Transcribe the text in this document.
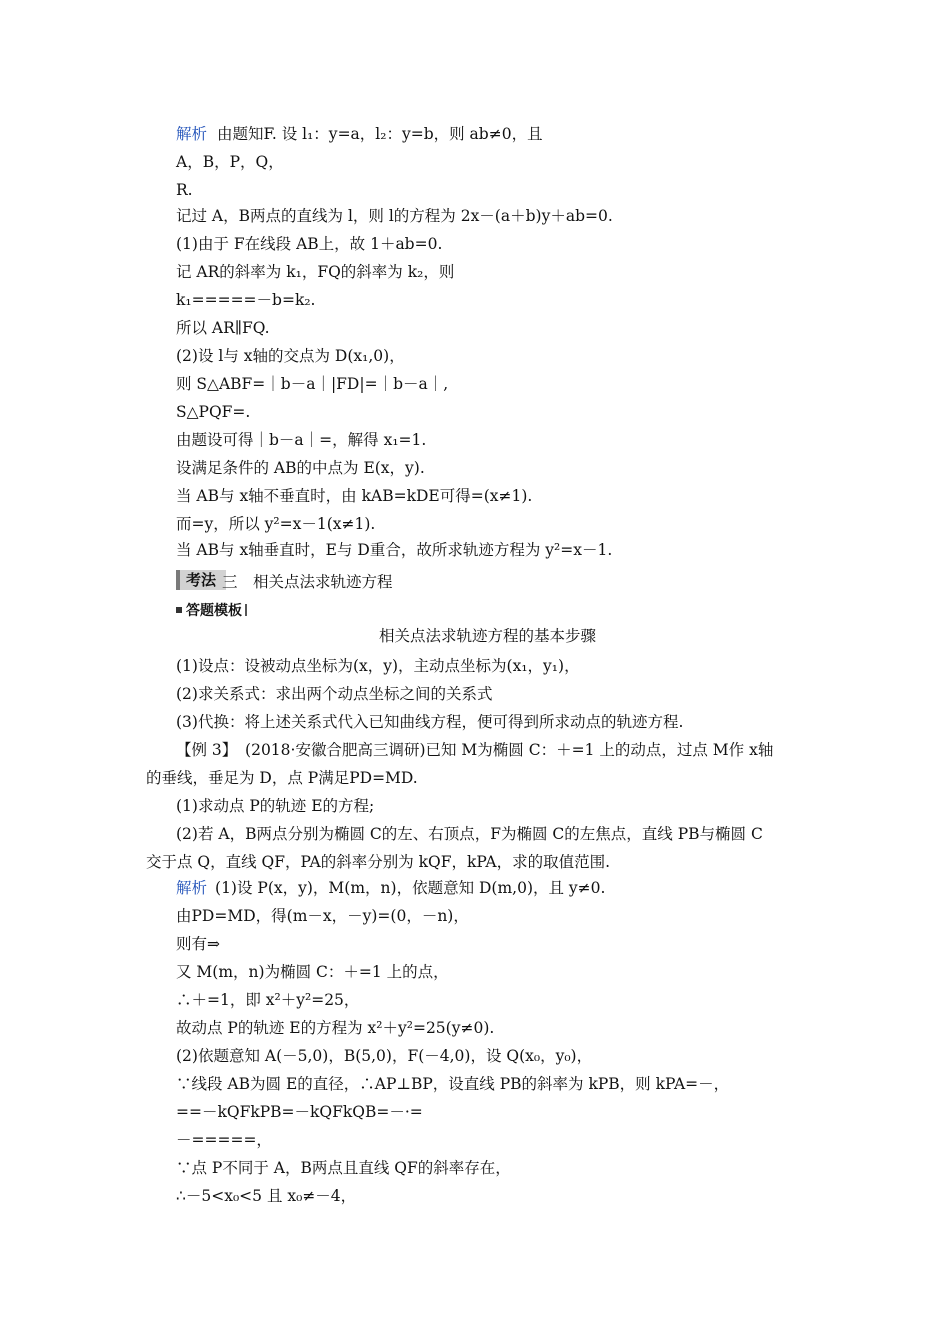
解析 由题知F. 设 l₁：y=a，l₂：y=b，则 ab≠0，且
A，B，P，Q，
R.
记过 A，B两点的直线为 l，则 l的方程为 2x－(a＋b)y＋ab=0.
(1)由于 F在线段 AB上，故 1＋ab=0.
记 AR的斜率为 k₁，FQ的斜率为 k₂，则
k₁=====－b=k₂.
所以 AR∥FQ.
(2)设 l与 x轴的交点为 D(x₁,0)，
则 S△ABF=｜b－a｜|FD|=｜b－a｜,
S△PQF=.
由题设可得｜b－a｜=，解得 x₁=1.
设满足条件的 AB的中点为 E(x，y).
当 AB与 x轴不垂直时，由 kAB=kDE可得=(x≠1).
而=y，所以 y²=x－1(x≠1).
当 AB与 x轴垂直时，E与 D重合，故所求轨迹方程为 y²=x－1.
考法 三　相关点法求轨迹方程
答题模板
相关点法求轨迹方程的基本步骤
(1)设点：设被动点坐标为(x，y)，主动点坐标为(x₁，y₁)，
(2)求关系式：求出两个动点坐标之间的关系式
(3)代换：将上述关系式代入已知曲线方程，便可得到所求动点的轨迹方程.
【例 3】　(2018·安徽合肥高三调研)已知 M为椭圆 C：＋=1 上的动点，过点 M作 x轴
的垂线，垂足为 D，点 P满足PD=MD.
(1)求动点 P的轨迹 E的方程;
(2)若 A，B两点分别为椭圆 C的左、右顶点，F为椭圆 C的左焦点，直线 PB与椭圆 C
交于点 Q，直线 QF，PA的斜率分别为 kQF，kPA，求的取值范围.
解析 (1)设 P(x，y)，M(m，n)，依题意知 D(m,0)，且 y≠0.
由PD=MD，得(m－x，－y)=(0，－n)，
则有⇒
又 M(m，n)为椭圆 C：＋=1 上的点，
∴＋=1，即 x²＋y²=25，
故动点 P的轨迹 E的方程为 x²＋y²=25(y≠0).
(2)依题意知 A(－5,0)，B(5,0)，F(－4,0)，设 Q(x₀，y₀)，
∵线段 AB为圆 E的直径，∴AP⊥BP，设直线 PB的斜率为 kPB，则 kPA=－，
==－kQFkPB=－kQFkQB=－·=
－=====，
∵点 P不同于 A，B两点且直线 QF的斜率存在，
∴－5<x₀<5 且 x₀≠－4，
